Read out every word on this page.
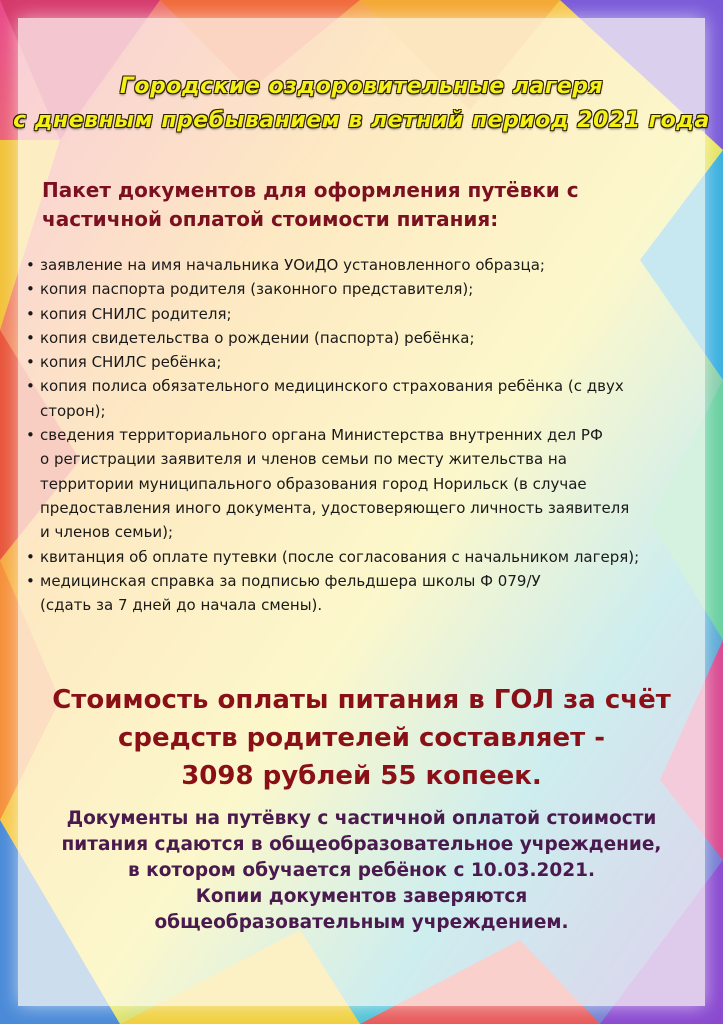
Городские оздоровительные лагеря
с дневным пребыванием в летний период 2021 года
Пакет документов для оформления путёвки с
частичной оплатой стоимости питания:
• заявление на имя начальника УОиДО установленного образца;
• копия паспорта родителя (законного представителя);
• копия СНИЛС родителя;
• копия свидетельства о рождении (паспорта) ребёнка;
• копия СНИЛС ребёнка;
• копия полиса обязательного медицинского страхования ребёнка (с двух
сторон);
• сведения территориального органа Министерства внутренних дел РФ
о регистрации заявителя и членов семьи по месту жительства на
территории муниципального образования город Норильск (в случае
предоставления иного документа, удостоверяющего личность заявителя
и членов семьи);
• квитанция об оплате путевки (после согласования с начальником лагеря);
• медицинская справка за подписью фельдшера школы Ф 079/У
(сдать за 7 дней до начала смены).
Стоимость оплаты питания в ГОЛ за счёт
средств родителей составляет -
3098 рублей 55 копеек.
Документы на путёвку с частичной оплатой стоимости
питания сдаются в общеобразовательное учреждение,
в котором обучается ребёнок с 10.03.2021.
Копии документов заверяются
общеобразовательным учреждением.
